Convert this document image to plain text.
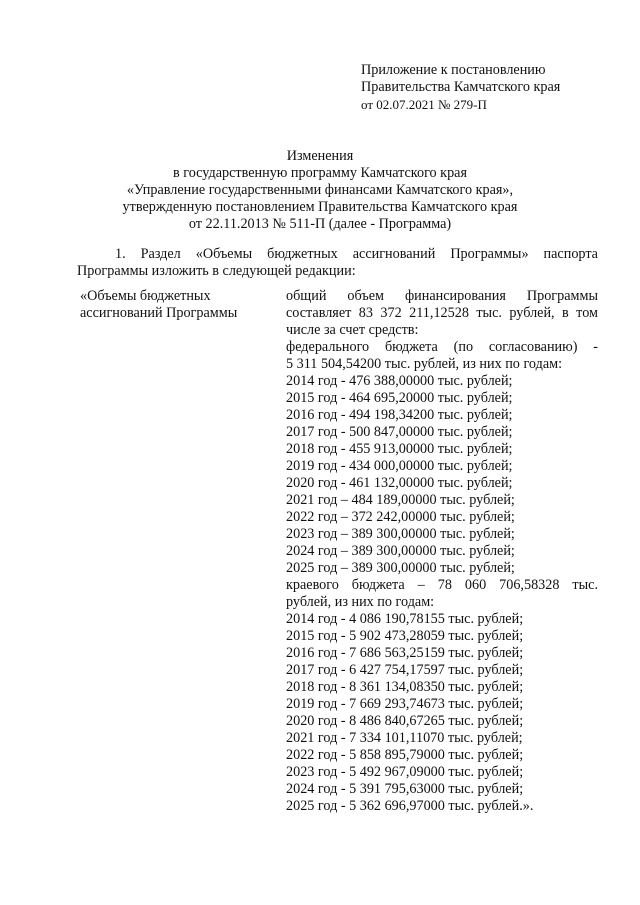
Приложение к постановлению
Правительства Камчатского края
от 02.07.2021 № 279-П
Изменения
в государственную программу Камчатского края
«Управление государственными финансами Камчатского края»,
утвержденную постановлением Правительства Камчатского края
от 22.11.2013 № 511-П (далее - Программа)
1. Раздел «Объемы бюджетных ассигнований Программы» паспорта Программы изложить в следующей редакции:
«Объемы бюджетных
ассигнований Программы
общий объем финансирования Программы
составляет 83 372 211,12528 тыс. рублей, в том
числе за счет средств:
федерального бюджета (по согласованию) -
5 311 504,54200 тыс. рублей, из них по годам:
2014 год - 476 388,00000 тыс. рублей;
2015 год - 464 695,20000 тыс. рублей;
2016 год - 494 198,34200 тыс. рублей;
2017 год - 500 847,00000 тыс. рублей;
2018 год - 455 913,00000 тыс. рублей;
2019 год - 434 000,00000 тыс. рублей;
2020 год - 461 132,00000 тыс. рублей;
2021 год – 484 189,00000 тыс. рублей;
2022 год – 372 242,00000 тыс. рублей;
2023 год – 389 300,00000 тыс. рублей;
2024 год – 389 300,00000 тыс. рублей;
2025 год – 389 300,00000 тыс. рублей;
краевого бюджета – 78 060 706,58328 тыс.
рублей, из них по годам:
2014 год - 4 086 190,78155 тыс. рублей;
2015 год - 5 902 473,28059 тыс. рублей;
2016 год - 7 686 563,25159 тыс. рублей;
2017 год - 6 427 754,17597 тыс. рублей;
2018 год - 8 361 134,08350 тыс. рублей;
2019 год - 7 669 293,74673 тыс. рублей;
2020 год - 8 486 840,67265 тыс. рублей;
2021 год - 7 334 101,11070 тыс. рублей;
2022 год - 5 858 895,79000 тыс. рублей;
2023 год - 5 492 967,09000 тыс. рублей;
2024 год - 5 391 795,63000 тыс. рублей;
2025 год - 5 362 696,97000 тыс. рублей.».
